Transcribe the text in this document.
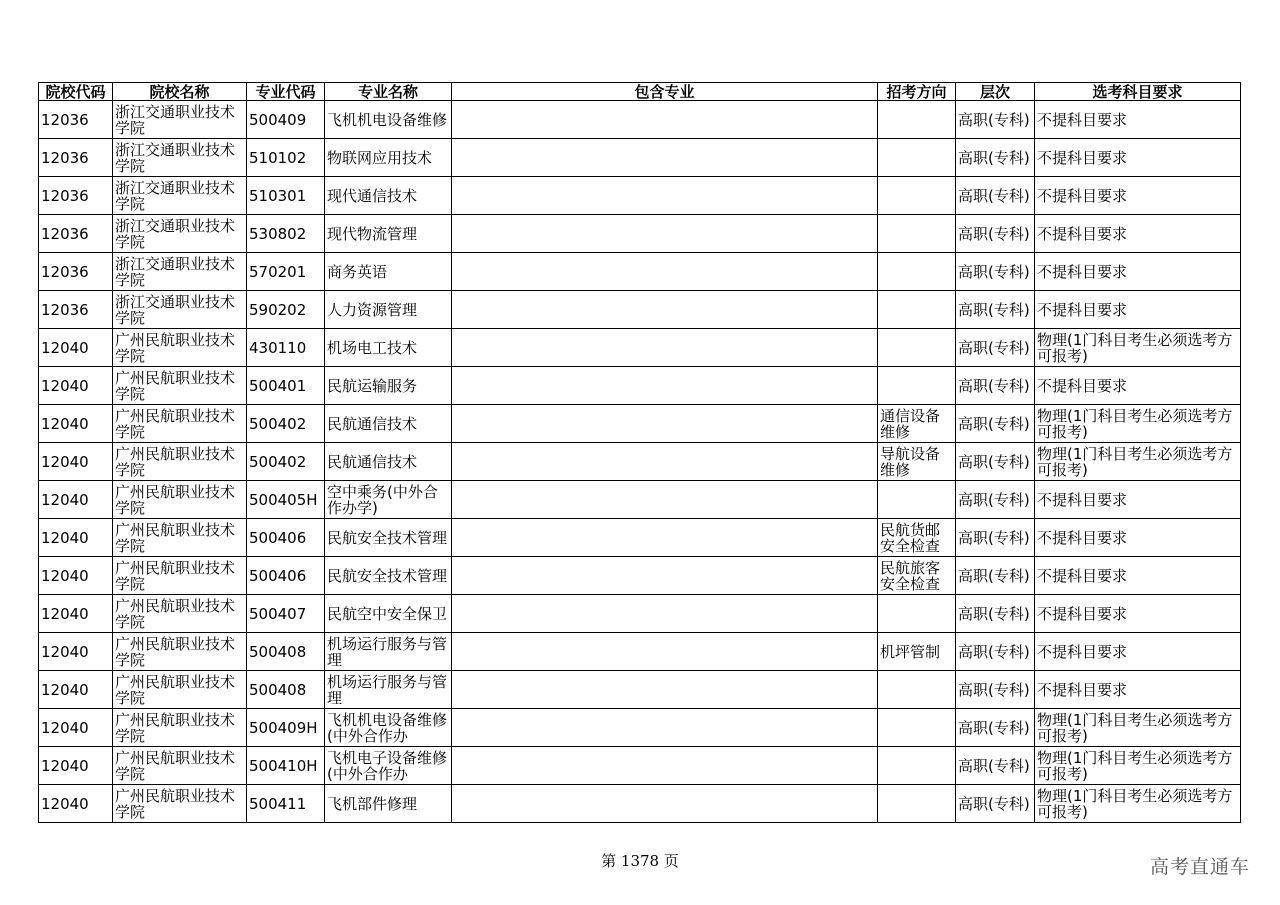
院校代码	院校名称	专业代码	专业名称	包含专业	招考方向	层次	选考科目要求

12036	浙江交通职业技术学院	500409	飞机机电设备维修			高职(专科)	不提科目要求

12036	浙江交通职业技术学院	510102	物联网应用技术			高职(专科)	不提科目要求

12036	浙江交通职业技术学院	510301	现代通信技术			高职(专科)	不提科目要求

12036	浙江交通职业技术学院	530802	现代物流管理			高职(专科)	不提科目要求

12036	浙江交通职业技术学院	570201	商务英语			高职(专科)	不提科目要求

12036	浙江交通职业技术学院	590202	人力资源管理			高职(专科)	不提科目要求

12040	广州民航职业技术学院	430110	机场电工技术			高职(专科)	物理(1门科目考生必须选考方可报考)

12040	广州民航职业技术学院	500401	民航运输服务			高职(专科)	不提科目要求

12040	广州民航职业技术学院	500402	民航通信技术		通信设备维修	高职(专科)	物理(1门科目考生必须选考方可报考)

12040	广州民航职业技术学院	500402	民航通信技术		导航设备维修	高职(专科)	物理(1门科目考生必须选考方可报考)

12040	广州民航职业技术学院	500405H	空中乘务(中外合作办学)			高职(专科)	不提科目要求

12040	广州民航职业技术学院	500406	民航安全技术管理		民航货邮安全检查	高职(专科)	不提科目要求

12040	广州民航职业技术学院	500406	民航安全技术管理		民航旅客安全检查	高职(专科)	不提科目要求

12040	广州民航职业技术学院	500407	民航空中安全保卫			高职(专科)	不提科目要求

12040	广州民航职业技术学院	500408	机场运行服务与管理		机坪管制	高职(专科)	不提科目要求

12040	广州民航职业技术学院	500408	机场运行服务与管理			高职(专科)	不提科目要求

12040	广州民航职业技术学院	500409H	飞机机电设备维修(中外合作办			高职(专科)	物理(1门科目考生必须选考方可报考)

12040	广州民航职业技术学院	500410H	飞机电子设备维修(中外合作办			高职(专科)	物理(1门科目考生必须选考方可报考)

12040	广州民航职业技术学院	500411	飞机部件修理			高职(专科)	物理(1门科目考生必须选考方可报考)
第 1378 页	高考直通车
